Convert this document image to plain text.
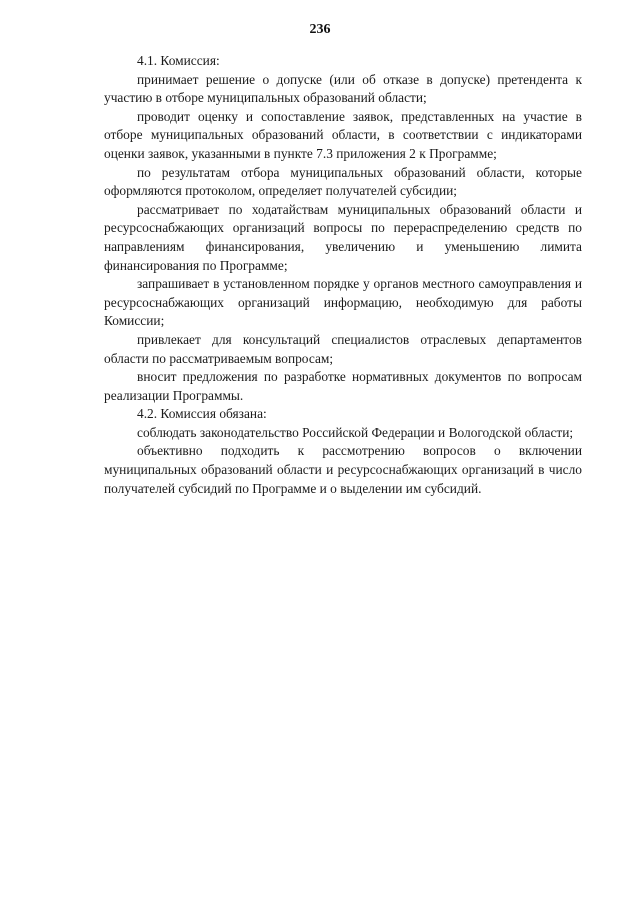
236

4.1. Комиссия:

принимает решение о допуске (или об отказе в допуске) претендента к участию в отборе муниципальных образований области;

проводит оценку и сопоставление заявок, представленных на участие в отборе муниципальных образований области, в соответствии с индикаторами оценки заявок, указанными в пункте 7.3 приложения 2 к Программе;

по результатам отбора муниципальных образований области, которые оформляются протоколом, определяет получателей субсидии;

рассматривает по ходатайствам муниципальных образований области и ресурсоснабжающих организаций вопросы по перераспределению средств по направлениям финансирования, увеличению и уменьшению лимита финансирования по Программе;

запрашивает в установленном порядке у органов местного самоуправления и ресурсоснабжающих организаций информацию, необходимую для работы Комиссии;

привлекает для консультаций специалистов отраслевых департаментов области по рассматриваемым вопросам;

вносит предложения по разработке нормативных документов по вопросам реализации Программы.

4.2. Комиссия обязана:

соблюдать законодательство Российской Федерации и Вологодской области;

объективно подходить к рассмотрению вопросов о включении муниципальных образований области и ресурсоснабжающих организаций в число получателей субсидий по Программе и о выделении им субсидий.
